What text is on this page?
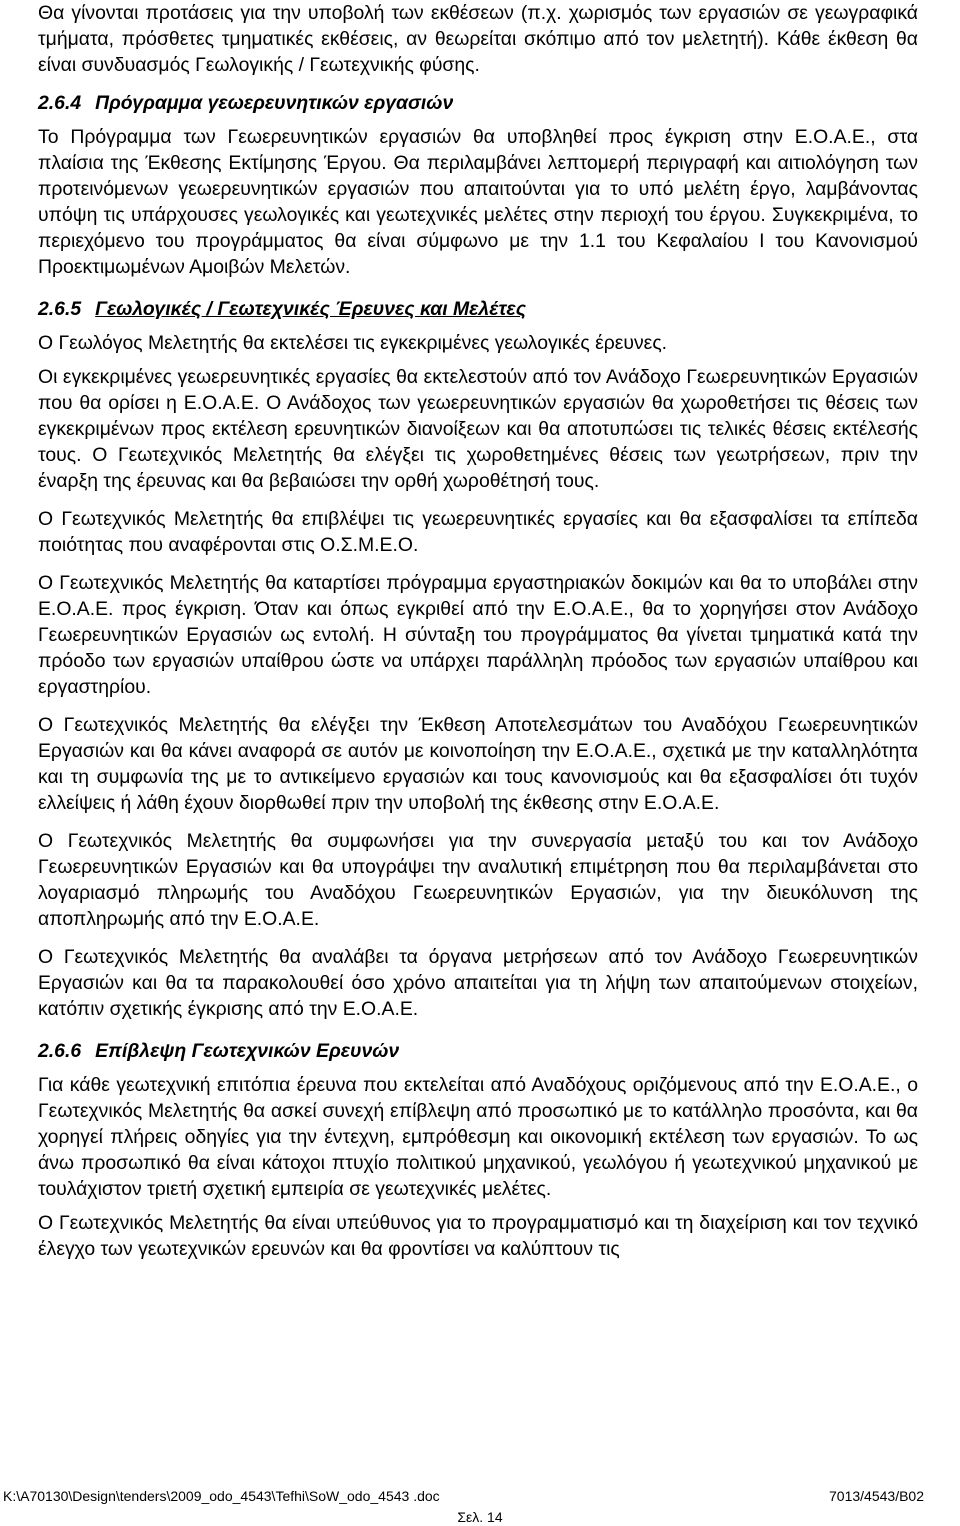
Θα γίνονται προτάσεις για την υποβολή των εκθέσεων (π.χ. χωρισμός των εργασιών σε γεωγραφικά τμήματα, πρόσθετες τμηματικές εκθέσεις, αν θεωρείται σκόπιμο από τον μελετητή). Κάθε έκθεση θα είναι συνδυασμός Γεωλογικής / Γεωτεχνικής φύσης.

2.6.4 Πρόγραμμα γεωερευνητικών εργασιών

Το Πρόγραμμα των Γεωερευνητικών εργασιών θα υποβληθεί προς έγκριση στην Ε.Ο.Α.Ε., στα πλαίσια της Έκθεσης Εκτίμησης Έργου. Θα περιλαμβάνει λεπτομερή περιγραφή και αιτιολόγηση των προτεινόμενων γεωερευνητικών εργασιών που απαιτούνται για το υπό μελέτη έργο, λαμβάνοντας υπόψη τις υπάρχουσες γεωλογικές και γεωτεχνικές μελέτες στην περιοχή του έργου. Συγκεκριμένα, το περιεχόμενο του προγράμματος θα είναι σύμφωνο με την 1.1 του Κεφαλαίου Ι του Κανονισμού Προεκτιμωμένων Αμοιβών Μελετών.

2.6.5 Γεωλογικές / Γεωτεχνικές Έρευνες και Μελέτες

Ο Γεωλόγος Μελετητής θα εκτελέσει τις εγκεκριμένες γεωλογικές έρευνες.

Οι εγκεκριμένες γεωερευνητικές εργασίες θα εκτελεστούν από τον Ανάδοχο Γεωερευνητικών Εργασιών που θα ορίσει η Ε.Ο.Α.Ε. Ο Ανάδοχος των γεωερευνητικών εργασιών θα χωροθετήσει τις θέσεις των εγκεκριμένων προς εκτέλεση ερευνητικών διανοίξεων και θα αποτυπώσει τις τελικές θέσεις εκτέλεσής τους. Ο Γεωτεχνικός Μελετητής θα ελέγξει τις χωροθετημένες θέσεις των γεωτρήσεων, πριν την έναρξη της έρευνας και θα βεβαιώσει την ορθή χωροθέτησή τους.

Ο Γεωτεχνικός Μελετητής θα επιβλέψει τις γεωερευνητικές εργασίες και θα εξασφαλίσει τα επίπεδα ποιότητας που αναφέρονται στις Ο.Σ.Μ.Ε.Ο.

Ο Γεωτεχνικός Μελετητής θα καταρτίσει πρόγραμμα εργαστηριακών δοκιμών και θα το υποβάλει στην Ε.Ο.Α.Ε. προς έγκριση. Όταν και όπως εγκριθεί από την Ε.Ο.Α.Ε., θα το χορηγήσει στον Ανάδοχο Γεωερευνητικών Εργασιών ως εντολή. Η σύνταξη του προγράμματος θα γίνεται τμηματικά κατά την πρόοδο των εργασιών υπαίθρου ώστε να υπάρχει παράλληλη πρόοδος των εργασιών υπαίθρου και εργαστηρίου.

Ο Γεωτεχνικός Μελετητής θα ελέγξει την Έκθεση Αποτελεσμάτων του Αναδόχου Γεωερευνητικών Εργασιών και θα κάνει αναφορά σε αυτόν με κοινοποίηση την Ε.Ο.Α.Ε., σχετικά με την καταλληλότητα και τη συμφωνία της με το αντικείμενο εργασιών και τους κανονισμούς και θα εξασφαλίσει ότι τυχόν ελλείψεις ή λάθη έχουν διορθωθεί πριν την υποβολή της έκθεσης στην Ε.Ο.Α.Ε.

Ο Γεωτεχνικός Μελετητής θα συμφωνήσει για την συνεργασία μεταξύ του και τον Ανάδοχο Γεωερευνητικών Εργασιών και θα υπογράψει την αναλυτική επιμέτρηση που θα περιλαμβάνεται στο λογαριασμό πληρωμής του Αναδόχου Γεωερευνητικών Εργασιών, για την διευκόλυνση της αποπληρωμής από την Ε.Ο.Α.Ε.

Ο Γεωτεχνικός Μελετητής θα αναλάβει τα όργανα μετρήσεων από τον Ανάδοχο Γεωερευνητικών Εργασιών και θα τα παρακολουθεί όσο χρόνο απαιτείται για τη λήψη των απαιτούμενων στοιχείων, κατόπιν σχετικής έγκρισης από την Ε.Ο.Α.Ε.

2.6.6 Επίβλεψη Γεωτεχνικών Ερευνών

Για κάθε γεωτεχνική επιτόπια έρευνα που εκτελείται από Αναδόχους οριζόμενους από την Ε.Ο.Α.Ε., ο Γεωτεχνικός Μελετητής θα ασκεί συνεχή επίβλεψη από προσωπικό με το κατάλληλο προσόντα, και θα χορηγεί πλήρεις οδηγίες για την έντεχνη, εμπρόθεσμη και οικονομική εκτέλεση των εργασιών. Το ως άνω προσωπικό θα είναι κάτοχοι πτυχίο πολιτικού μηχανικού, γεωλόγου ή γεωτεχνικού μηχανικού με τουλάχιστον τριετή σχετική εμπειρία σε γεωτεχνικές μελέτες.

Ο Γεωτεχνικός Μελετητής θα είναι υπεύθυνος για το προγραμματισμό και τη διαχείριση και τον τεχνικό έλεγχο των γεωτεχνικών ερευνών και θα φροντίσει να καλύπτουν τις

K:\A70130\Design\tenders\2009_odo_4543\Tefhi\SoW_odo_4543 .doc	7013/4543/B02
Σελ. 14
